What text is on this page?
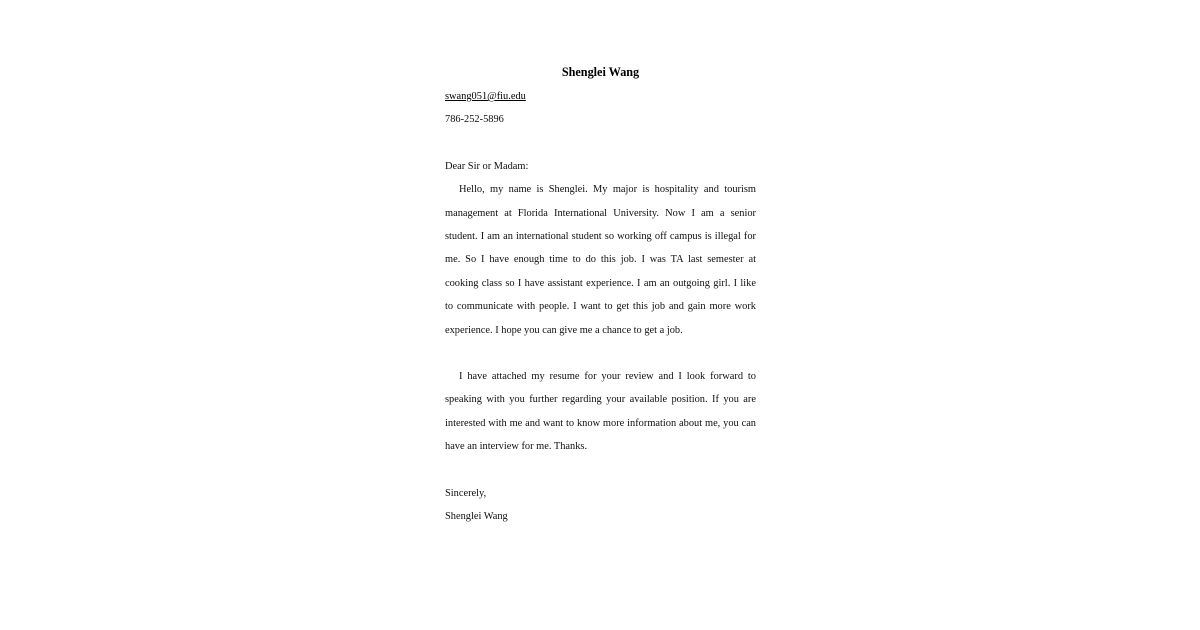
Shenglei Wang
swang051@fiu.edu
786-252-5896
Dear Sir or Madam:

Hello, my name is Shenglei. My major is hospitality and tourism management at Florida International University. Now I am a senior student. I am an international student so working off campus is illegal for me. So I have enough time to do this job. I was TA last semester at cooking class so I have assistant experience. I am an outgoing girl. I like to communicate with people. I want to get this job and gain more work experience. I hope you can give me a chance to get a job.

I have attached my resume for your review and I look forward to speaking with you further regarding your available position. If you are interested with me and want to know more information about me, you can have an interview for me. Thanks.

Sincerely,

Shenglei Wang
